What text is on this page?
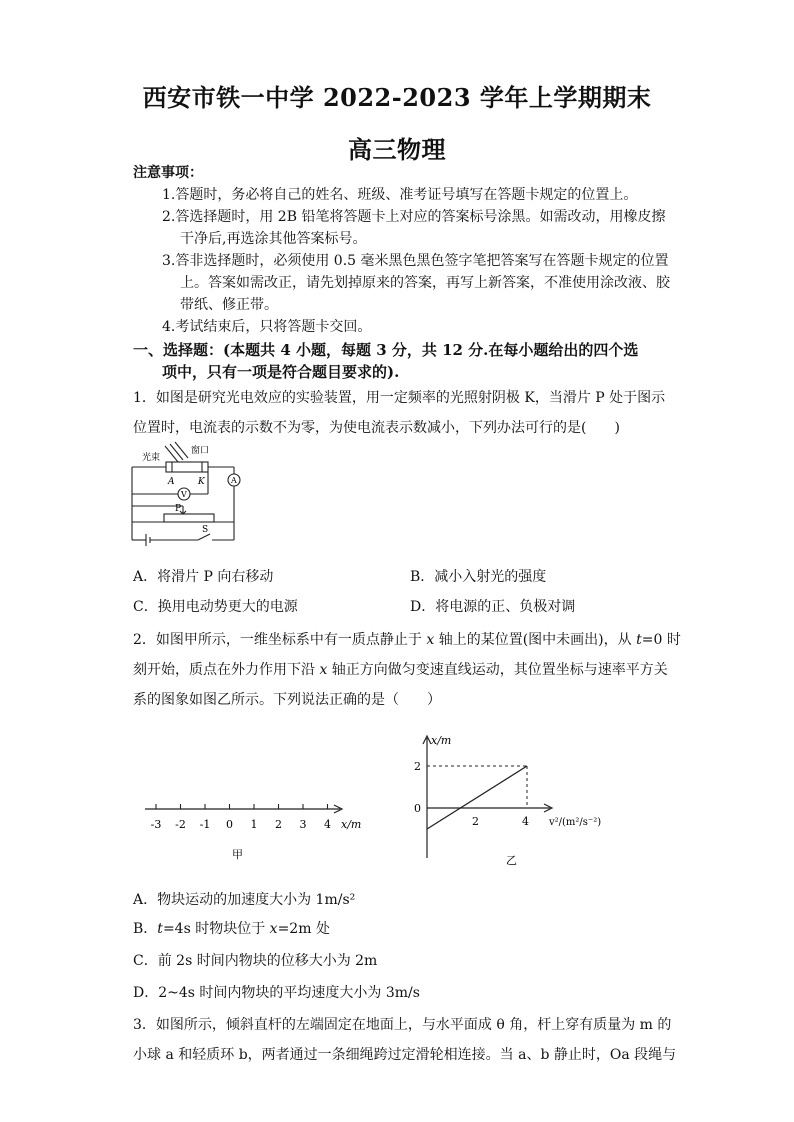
西安市铁一中学 2022-2023 学年上学期期末
高三物理
注意事项：
1.答题时，务必将自己的姓名、班级、准考证号填写在答题卡规定的位置上。
2.答选择题时，用 2B 铅笔将答题卡上对应的答案标号涂黑。如需改动，用橡皮擦
干净后,再选涂其他答案标号。
3.答非选择题时，必须使用 0.5 毫米黑色黑色签字笔把答案写在答题卡规定的位置
上。答案如需改正，请先划掉原来的答案，再写上新答案，不准使用涂改液、胶
带纸、修正带。
4.考试结束后，只将答题卡交回。
一、选择题：(本题共 4 小题，每题 3 分，共 12 分.在每小题给出的四个选
项中，只有一项是符合题目要求的).
1．如图是研究光电效应的实验装置，用一定频率的光照射阴极 K，当滑片 P 处于图示
位置时，电流表的示数不为零，为使电流表示数减小，下列办法可行的是(　　)
光束
窗口
A	K	A
V
P
S
A．将滑片 P 向右移动	B．减小入射光的强度
C．换用电动势更大的电源	D．将电源的正、负极对调
2．如图甲所示，一维坐标系中有一质点静止于 x 轴上的某位置(图中未画出)，从 t=0 时
刻开始，质点在外力作用下沿 x 轴正方向做匀变速直线运动，其位置坐标与速率平方关
系的图象如图乙所示。下列说法正确的是（　　）
-3 -2 -1 0 1 2 3 4 x/m
甲
x/m
2
0
2	4 v²/(m²/s⁻²)
乙
A．物块运动的加速度大小为 1m/s²
B．t=4s 时物块位于 x=2m 处
C．前 2s 时间内物块的位移大小为 2m
D．2~4s 时间内物块的平均速度大小为 3m/s
3．如图所示，倾斜直杆的左端固定在地面上，与水平面成 θ 角，杆上穿有质量为 m 的
小球 a 和轻质环 b，两者通过一条细绳跨过定滑轮相连接。当 a、b 静止时，Oa 段绳与
